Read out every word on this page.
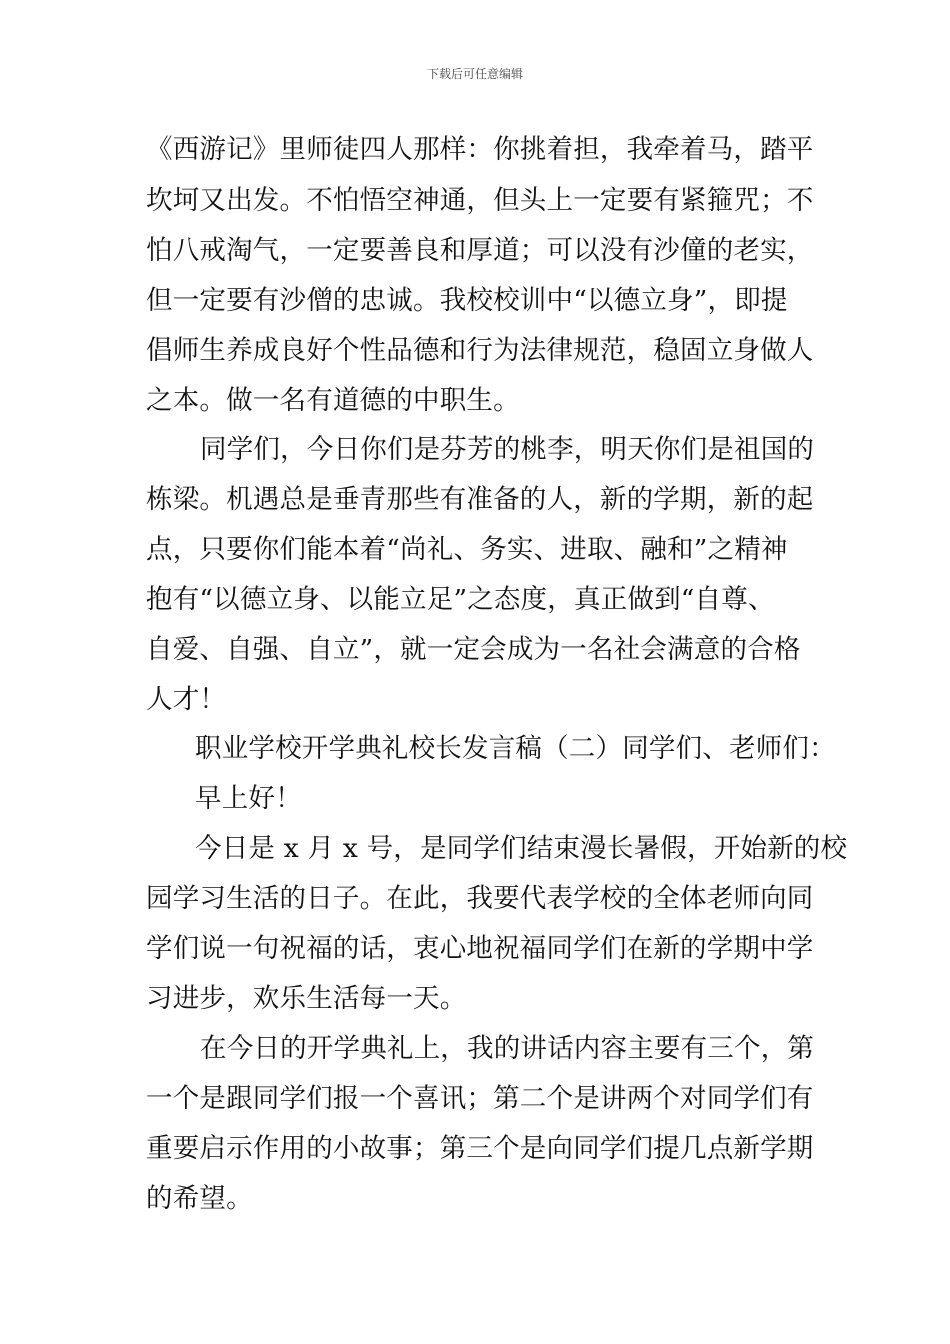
下载后可任意编辑
《西游记》里师徒四人那样：你挑着担，我牵着马，踏平
坎坷又出发。不怕悟空神通，但头上一定要有紧箍咒；不
怕八戒淘气，一定要善良和厚道；可以没有沙僮的老实，
但一定要有沙僧的忠诚。我校校训中“以德立身”，即提
倡师生养成良好个性品德和行为法律规范，稳固立身做人
之本。做一名有道德的中职生。
同学们，今日你们是芬芳的桃李，明天你们是祖国的
栋梁。机遇总是垂青那些有准备的人，新的学期，新的起
点，只要你们能本着“尚礼、务实、进取、融和”之精神
抱有“以德立身、以能立足”之态度，真正做到“自尊、
自爱、自强、自立”，就一定会成为一名社会满意的合格
人才！
职业学校开学典礼校长发言稿（二）同学们、老师们：
早上好！
今日是 x 月 x 号，是同学们结束漫长暑假，开始新的校
园学习生活的日子。在此，我要代表学校的全体老师向同
学们说一句祝福的话，衷心地祝福同学们在新的学期中学
习进步，欢乐生活每一天。
在今日的开学典礼上，我的讲话内容主要有三个，第
一个是跟同学们报一个喜讯；第二个是讲两个对同学们有
重要启示作用的小故事；第三个是向同学们提几点新学期
的希望。
